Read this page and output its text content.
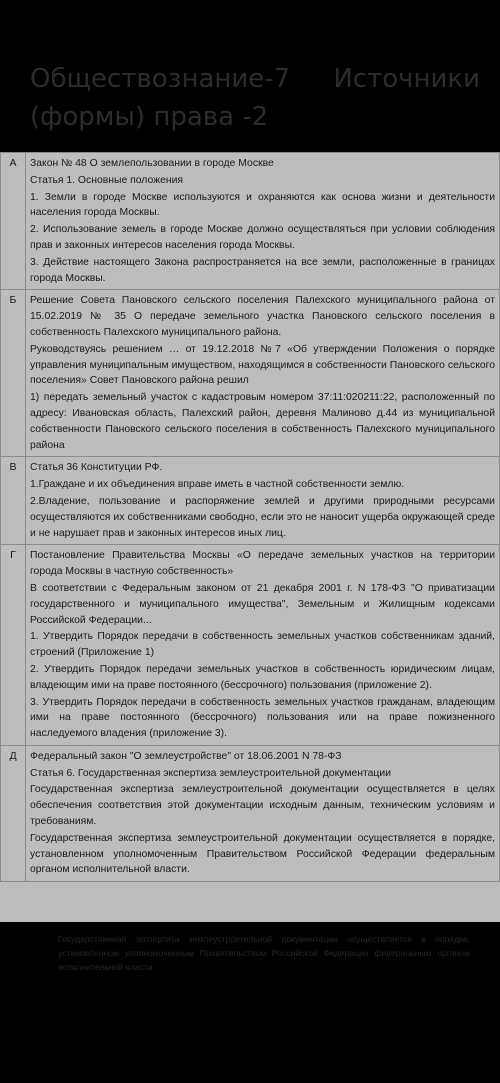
Обществознание-7 Источники
(формы) права -2
А	Закон № 48 О землепользовании в городе Москве

Статья 1. Основные положения

1. Земли в городе Москве используются и охраняются как основа жизни и деятельности населения города Москвы.

2. Использование земель в городе Москве должно осуществляться при условии соблюдения прав и законных интересов населения города Москвы.

3. Действие настоящего Закона распространяется на все земли, расположенные в границах города Москвы.

Б	Решение Совета Пановского сельского поселения Палехского муниципального района от 15.02.2019 № 35 О передаче земельного участка Пановского сельского поселения в собственность Палехского муниципального района.

Руководствуясь решением … от 19.12.2018 №7 «Об утверждении Положения о порядке управления муниципальным имуществом, находящимся в собственности Пановского сельского поселения» Совет Пановского района решил

1) передать земельный участок с кадастровым номером 37:11:020211:22, расположенный по адресу: Ивановская область, Палехский район, деревня Малиново д.44 из муниципальной собственности Пановского сельского поселения в собственность Палехского муниципального района

В	Статья 36 Конституции РФ.

1.Граждане и их объединения вправе иметь в частной собственности землю.

2.Владение, пользование и распоряжение землей и другими природными ресурсами осуществляются их собственниками свободно, если это не наносит ущерба окружающей среде и не нарушает прав и законных интересов иных лиц.

Г	Постановление Правительства Москвы «О передаче земельных участков на территории города Москвы в частную собственность»

В соответствии с Федеральным законом от 21 декабря 2001 г. N 178-ФЗ "О приватизации государственного и муниципального имущества", Земельным и Жилищным кодексами Российской Федерации...

1. Утвердить Порядок передачи в собственность земельных участков собственникам зданий, строений (Приложение 1)

2. Утвердить Порядок передачи земельных участков в собственность юридическим лицам, владеющим ими на праве постоянного (бессрочного) пользования (приложение 2).

3. Утвердить Порядок передачи в собственность земельных участков гражданам, владеющим ими на праве постоянного (бессрочного) пользования или на праве пожизненного наследуемого владения (приложение 3).

Д	Федеральный закон "О землеустройстве" от 18.06.2001 N 78-ФЗ

Статья 6. Государственная экспертиза землеустроительной документации

Государственная экспертиза землеустроительной документации осуществляется в целях обеспечения соответствия этой документации исходным данным, техническим условиям и требованиям.

Государственная экспертиза землеустроительной документации осуществляется в порядке, установленном уполномоченным Правительством Российской Федерации федеральным органом исполнительной власти.

Государственная экспертиза землеустроительной документации осуществляется в порядке, установленном уполномоченным Правительством Российской Федерации федеральным органом исполнительной власти.
